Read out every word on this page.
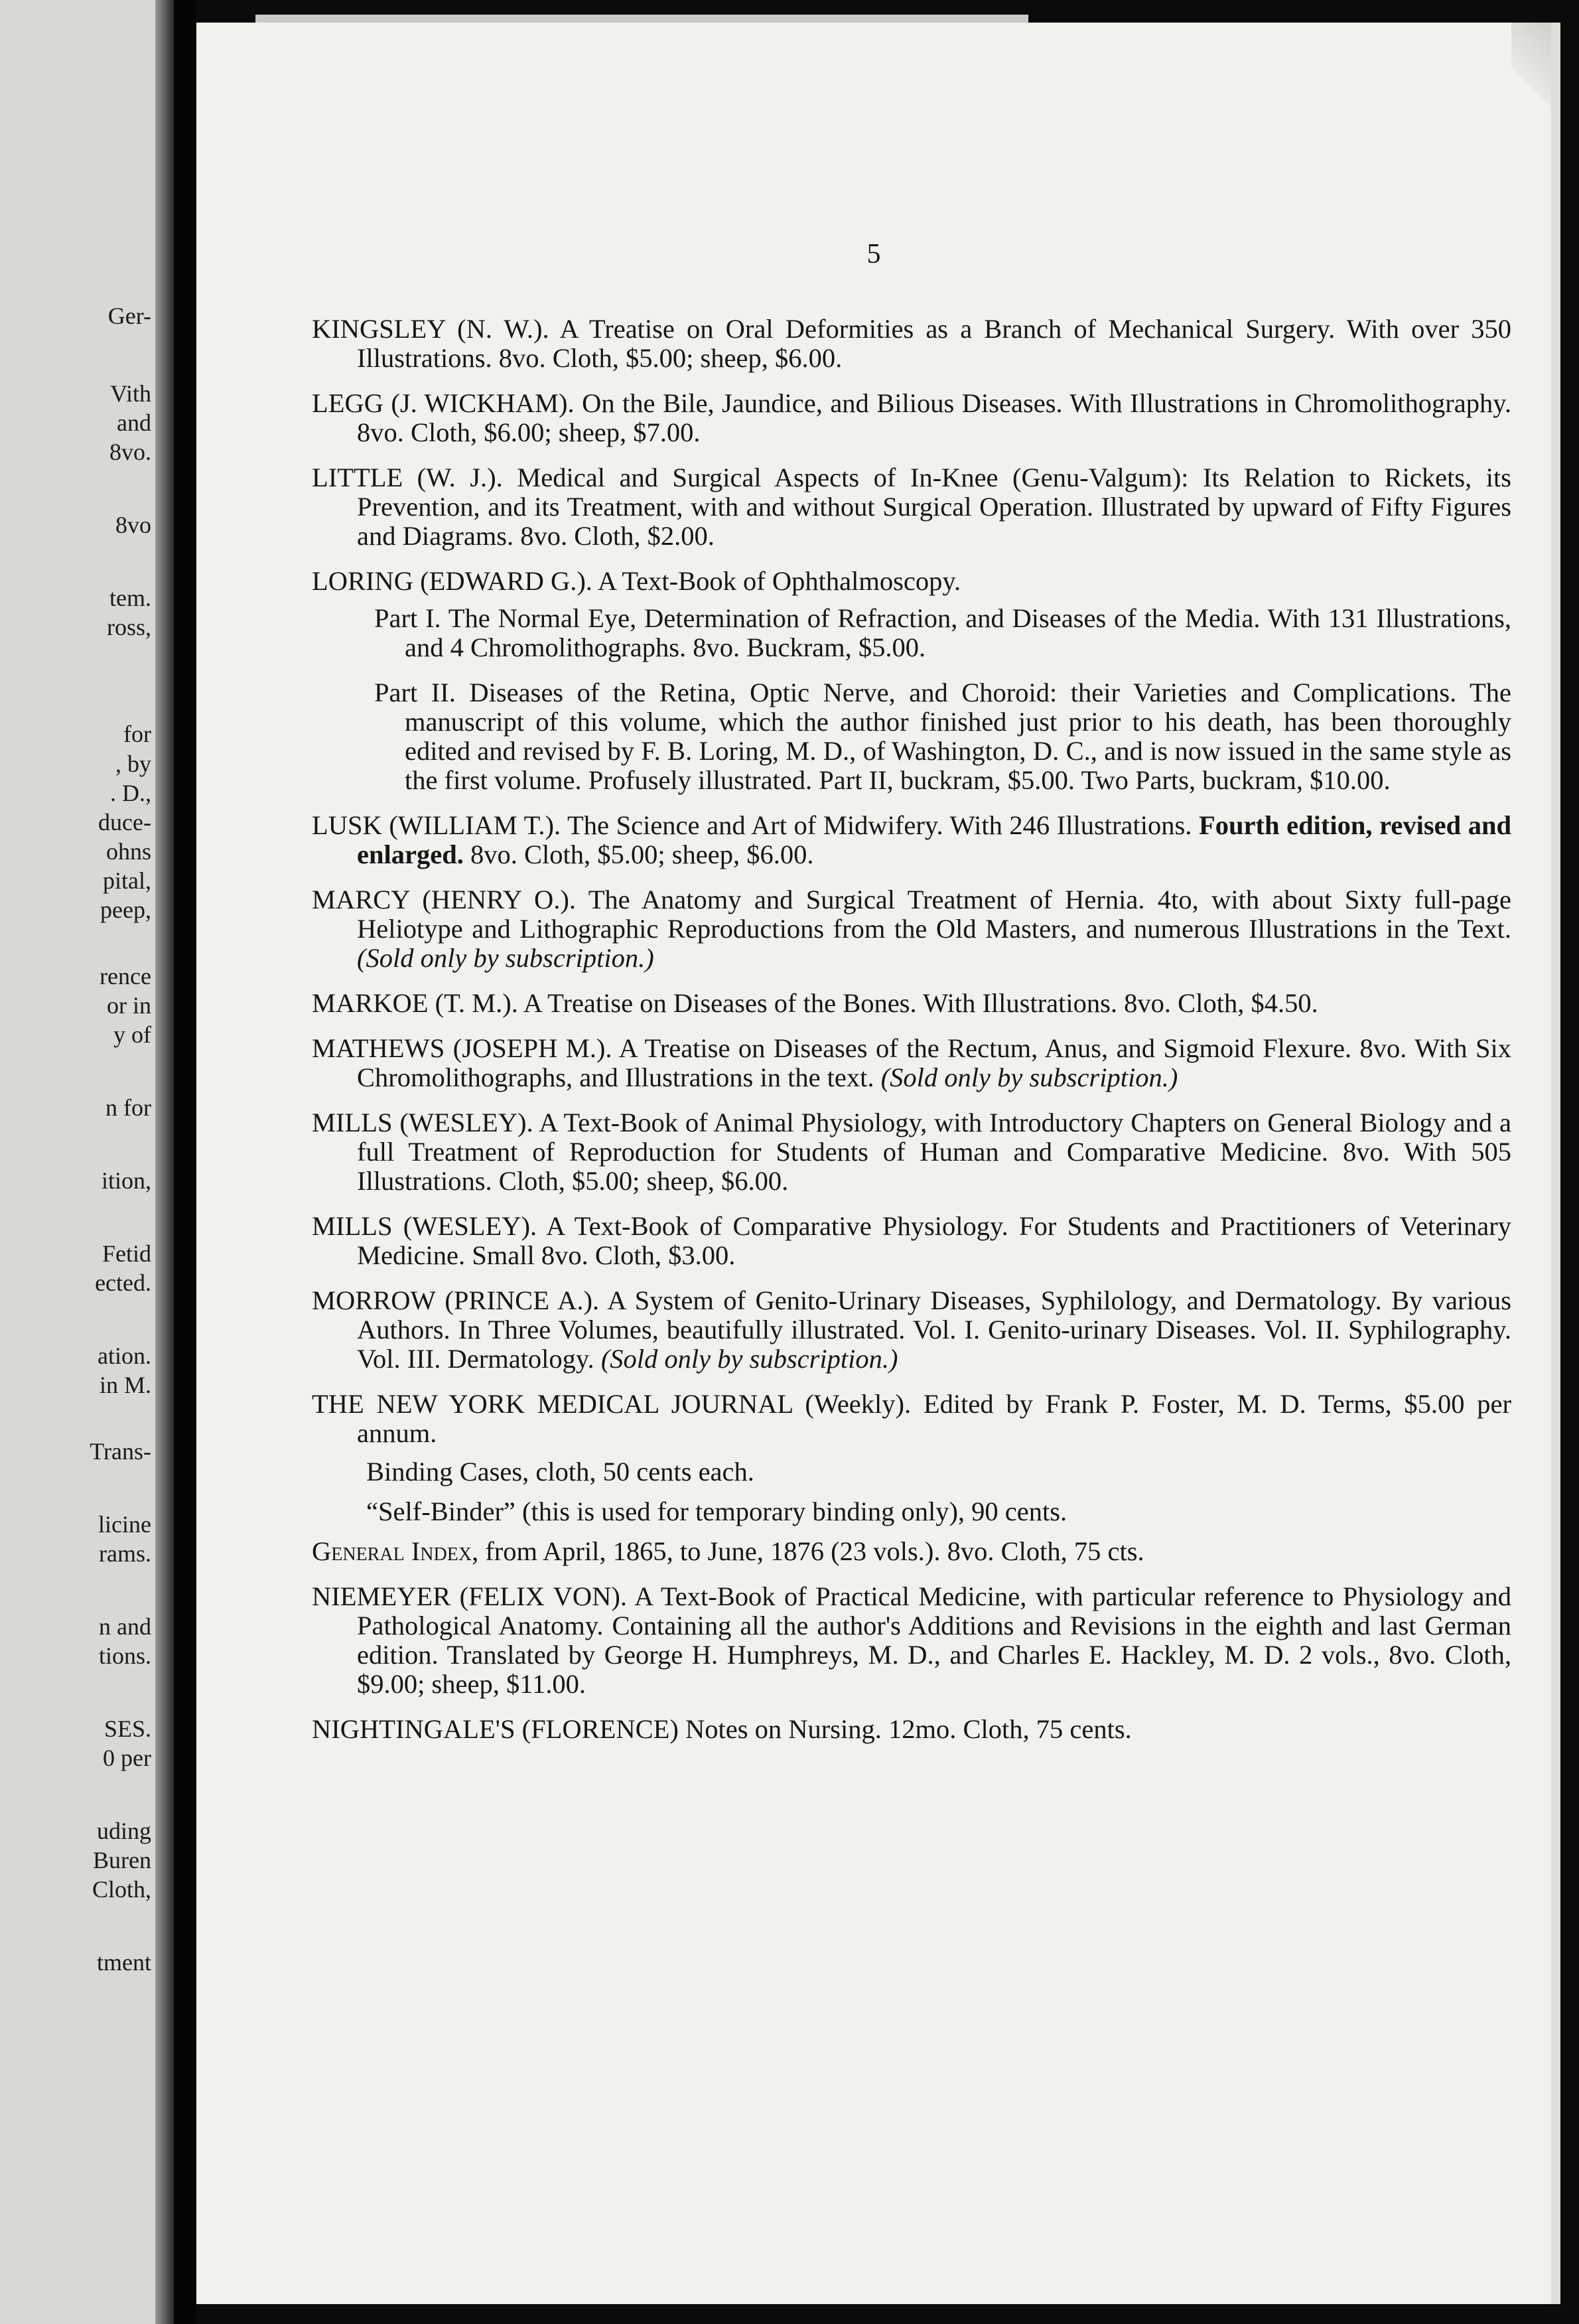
Ger-
Vith
and
8vo.
8vo
tem.
ross,
for
, by
. D.,
duce-
ohns
pital,
peep,
rence
or in
y of
n for
ition,
Fetid
ected.
ation.
in M.
Trans-
licine
rams.
n and
tions.
SES.
0 per
uding
Buren
Cloth,
tment
5
KINGSLEY (N. W.). A Treatise on Oral Deformities as a Branch of Mechanical Surgery. With over 350 Illustrations. 8vo. Cloth, $5.00; sheep, $6.00.
LEGG (J. WICKHAM). On the Bile, Jaundice, and Bilious Diseases. With Illustrations in Chromolithography. 8vo. Cloth, $6.00; sheep, $7.00.
LITTLE (W. J.). Medical and Surgical Aspects of In-Knee (Genu-Valgum): Its Relation to Rickets, its Prevention, and its Treatment, with and without Surgical Operation. Illustrated by upward of Fifty Figures and Diagrams. 8vo. Cloth, $2.00.
LORING (EDWARD G.). A Text-Book of Ophthalmoscopy.
Part I. The Normal Eye, Determination of Refraction, and Diseases of the Media. With 131 Illustrations, and 4 Chromolithographs. 8vo. Buckram, $5.00.
Part II. Diseases of the Retina, Optic Nerve, and Choroid: their Varieties and Complications. The manuscript of this volume, which the author finished just prior to his death, has been thoroughly edited and revised by F. B. Loring, M. D., of Washington, D. C., and is now issued in the same style as the first volume. Profusely illustrated. Part II, buckram, $5.00. Two Parts, buckram, $10.00.
LUSK (WILLIAM T.). The Science and Art of Midwifery. With 246 Illustrations. Fourth edition, revised and enlarged. 8vo. Cloth, $5.00; sheep, $6.00.
MARCY (HENRY O.). The Anatomy and Surgical Treatment of Hernia. 4to, with about Sixty full-page Heliotype and Lithographic Reproductions from the Old Masters, and numerous Illustrations in the Text. (Sold only by subscription.)
MARKOE (T. M.). A Treatise on Diseases of the Bones. With Illustrations. 8vo. Cloth, $4.50.
MATHEWS (JOSEPH M.). A Treatise on Diseases of the Rectum, Anus, and Sigmoid Flexure. 8vo. With Six Chromolithographs, and Illustrations in the text. (Sold only by subscription.)
MILLS (WESLEY). A Text-Book of Animal Physiology, with Introductory Chapters on General Biology and a full Treatment of Reproduction for Students of Human and Comparative Medicine. 8vo. With 505 Illustrations. Cloth, $5.00; sheep, $6.00.
MILLS (WESLEY). A Text-Book of Comparative Physiology. For Students and Practitioners of Veterinary Medicine. Small 8vo. Cloth, $3.00.
MORROW (PRINCE A.). A System of Genito-Urinary Diseases, Syphilology, and Dermatology. By various Authors. In Three Volumes, beautifully illustrated. Vol. I. Genito-urinary Diseases. Vol. II. Syphilography. Vol. III. Dermatology. (Sold only by subscription.)
THE NEW YORK MEDICAL JOURNAL (Weekly). Edited by Frank P. Foster, M. D. Terms, $5.00 per annum.
Binding Cases, cloth, 50 cents each.
“Self-Binder” (this is used for temporary binding only), 90 cents.
General Index, from April, 1865, to June, 1876 (23 vols.). 8vo. Cloth, 75 cts.
NIEMEYER (FELIX VON). A Text-Book of Practical Medicine, with particular reference to Physiology and Pathological Anatomy. Containing all the author's Additions and Revisions in the eighth and last German edition. Translated by George H. Humphreys, M. D., and Charles E. Hackley, M. D. 2 vols., 8vo. Cloth, $9.00; sheep, $11.00.
NIGHTINGALE'S (FLORENCE) Notes on Nursing. 12mo. Cloth, 75 cents.
